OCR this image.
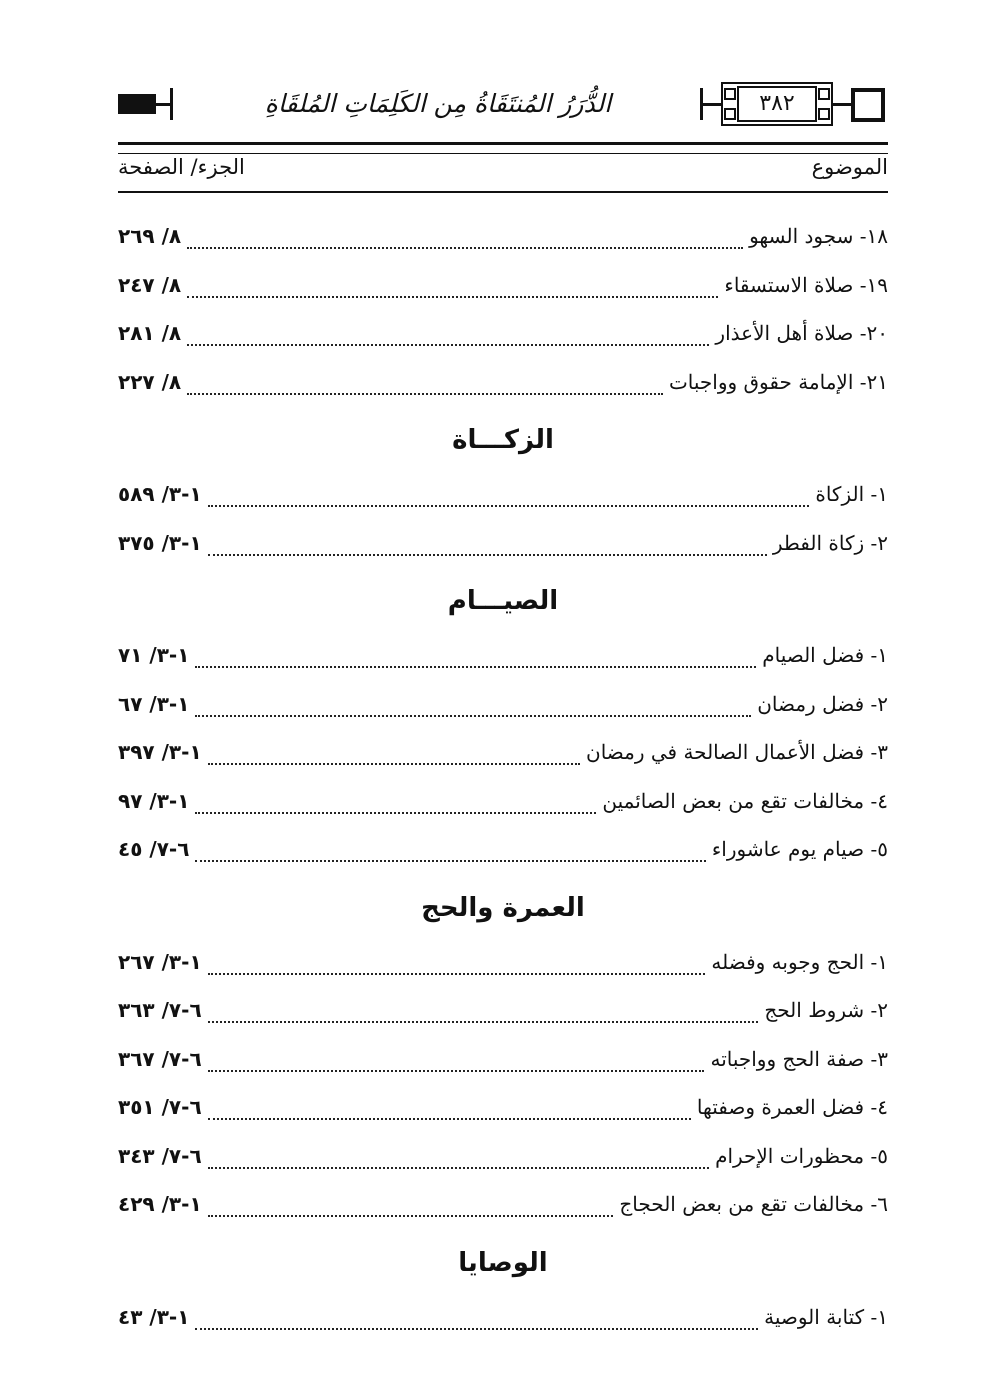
الدُّرَرُ المُنتَقَاةُ مِن الكَلِمَاتِ المُلقَاةِ	٣٨٢
الموضوع
الجزء/ الصفحة
١٨- سجود السهو
٨/ ٢٦٩
١٩- صلاة الاستسقاء
٨/ ٢٤٧
٢٠- صلاة أهل الأعذار
٨/ ٢٨١
٢١- الإمامة حقوق وواجبات
٨/ ٢٢٧
الزكـــاة
١- الزكاة
١-٣/ ٥٨٩
٢- زكاة الفطر
١-٣/ ٣٧٥
الصيـــام
١- فضل الصيام
١-٣/ ٧١
٢- فضل رمضان
١-٣/ ٦٧
٣- فضل الأعمال الصالحة في رمضان
١-٣/ ٣٩٧
٤- مخالفات تقع من بعض الصائمين
١-٣/ ٩٧
٥- صيام يوم عاشوراء
٦-٧/ ٤٥
العمرة والحج
١- الحج وجوبه وفضله
١-٣/ ٢٦٧
٢- شروط الحج
٦-٧/ ٣٦٣
٣- صفة الحج وواجباته
٦-٧/ ٣٦٧
٤- فضل العمرة وصفتها
٦-٧/ ٣٥١
٥- محظورات الإحرام
٦-٧/ ٣٤٣
٦- مخالفات تقع من بعض الحجاج
١-٣/ ٤٢٩
الوصايا
١- كتابة الوصية
١-٣/ ٤٣
